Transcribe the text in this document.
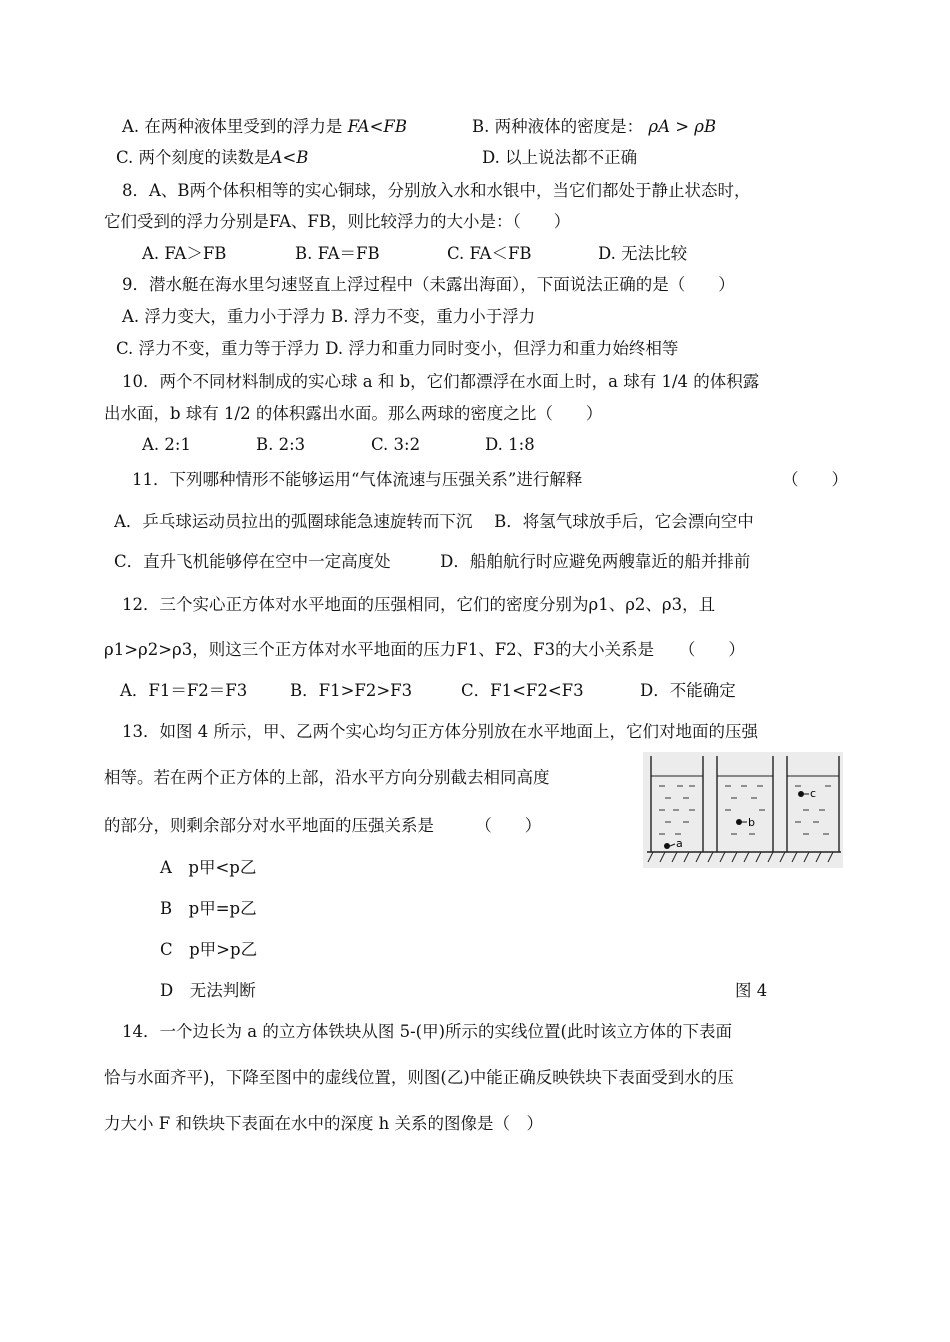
A. 在两种液体里受到的浮力是 FA<FB	B. 两种液体的密度是： ρA > ρB
C. 两个刻度的读数是A<B	D. 以上说法都不正确
8．A、B两个体积相等的实心铜球，分别放入水和水银中，当它们都处于静止状态时，
它们受到的浮力分别是FA、FB，则比较浮力的大小是：（　　）
A. FA＞FB	B. FA＝FB	C. FA＜FB	D. 无法比较
9．潜水艇在海水里匀速竖直上浮过程中（未露出海面），下面说法正确的是（　　）
A. 浮力变大，重力小于浮力 B. 浮力不变，重力小于浮力
C. 浮力不变，重力等于浮力 D. 浮力和重力同时变小，但浮力和重力始终相等
10．两个不同材料制成的实心球 a 和 b，它们都漂浮在水面上时，a 球有 1/4 的体积露
出水面，b 球有 1/2 的体积露出水面。那么两球的密度之比（　　）
A. 2:1	B. 2:3	C. 3:2	D. 1:8
11．下列哪种情形不能够运用“气体流速与压强关系”进行解释	（　　）
A．乒乓球运动员拉出的弧圈球能急速旋转而下沉　 B．将氢气球放手后，它会漂向空中
C．直升飞机能够停在空中一定高度处　　　D．船舶航行时应避免两艘靠近的船并排前
12．三个实心正方体对水平地面的压强相同，它们的密度分别为ρ1、ρ2、ρ3，且
ρ1>ρ2>ρ3，则这三个正方体对水平地面的压力F1、F2、F3的大小关系是　　（　　）
A．F1＝F2＝F3	B．F1>F2>F3	C．F1<F2<F3	D．不能确定
13．如图 4 所示，甲、乙两个实心均匀正方体分别放在水平地面上，它们对地面的压强
相等。若在两个正方体的上部，沿水平方向分别截去相同高度
的部分，则剩余部分对水平地面的压强关系是　　　（　　）
A　p甲<p乙
B　p甲=p乙
C　p甲>p乙
D　无法判断	图 4
a
b
c
14．一个边长为 a 的立方体铁块从图 5-(甲)所示的实线位置(此时该立方体的下表面
恰与水面齐平)，下降至图中的虚线位置，则图(乙)中能正确反映铁块下表面受到水的压
力大小 F 和铁块下表面在水中的深度 h 关系的图像是（　）
